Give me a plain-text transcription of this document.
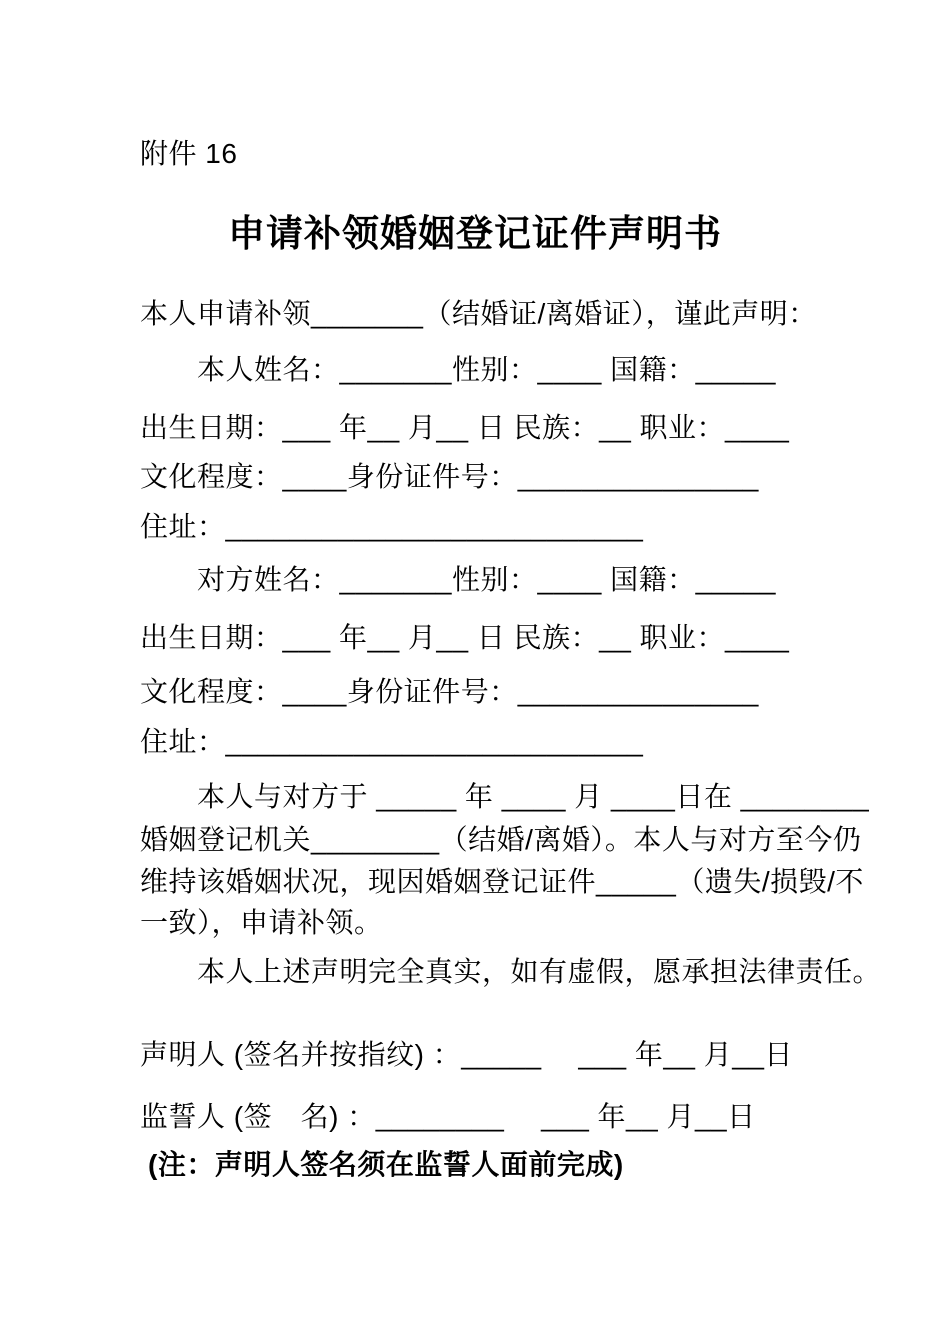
附件 16
申请补领婚姻登记证件声明书
本人申请补领_______（结婚证/离婚证），谨此声明：
本人姓名：_______性别：____ 国籍：_____
出生日期：___ 年__ 月__ 日 民族：__ 职业：____
文化程度：____身份证件号：_______________
住址：__________________________
对方姓名：_______性别：____ 国籍：_____
出生日期：___ 年__ 月__ 日 民族：__ 职业：____
文化程度：____身份证件号：_______________
住址：__________________________
本人与对方于 _____ 年 ____ 月 ____日在 ________
婚姻登记机关________（结婚/离婚）。本人与对方至今仍
维持该婚姻状况，现因婚姻登记证件_____（遗失/损毁/不
一致），申请补领。
本人上述声明完全真实，如有虚假，愿承担法律责任。
声明人 (签名并按指纹) ：_____　 ___ 年__ 月__日
监誓人 (签　名) ：________　 ___ 年__ 月__日
(注：声明人签名须在监誓人面前完成)
